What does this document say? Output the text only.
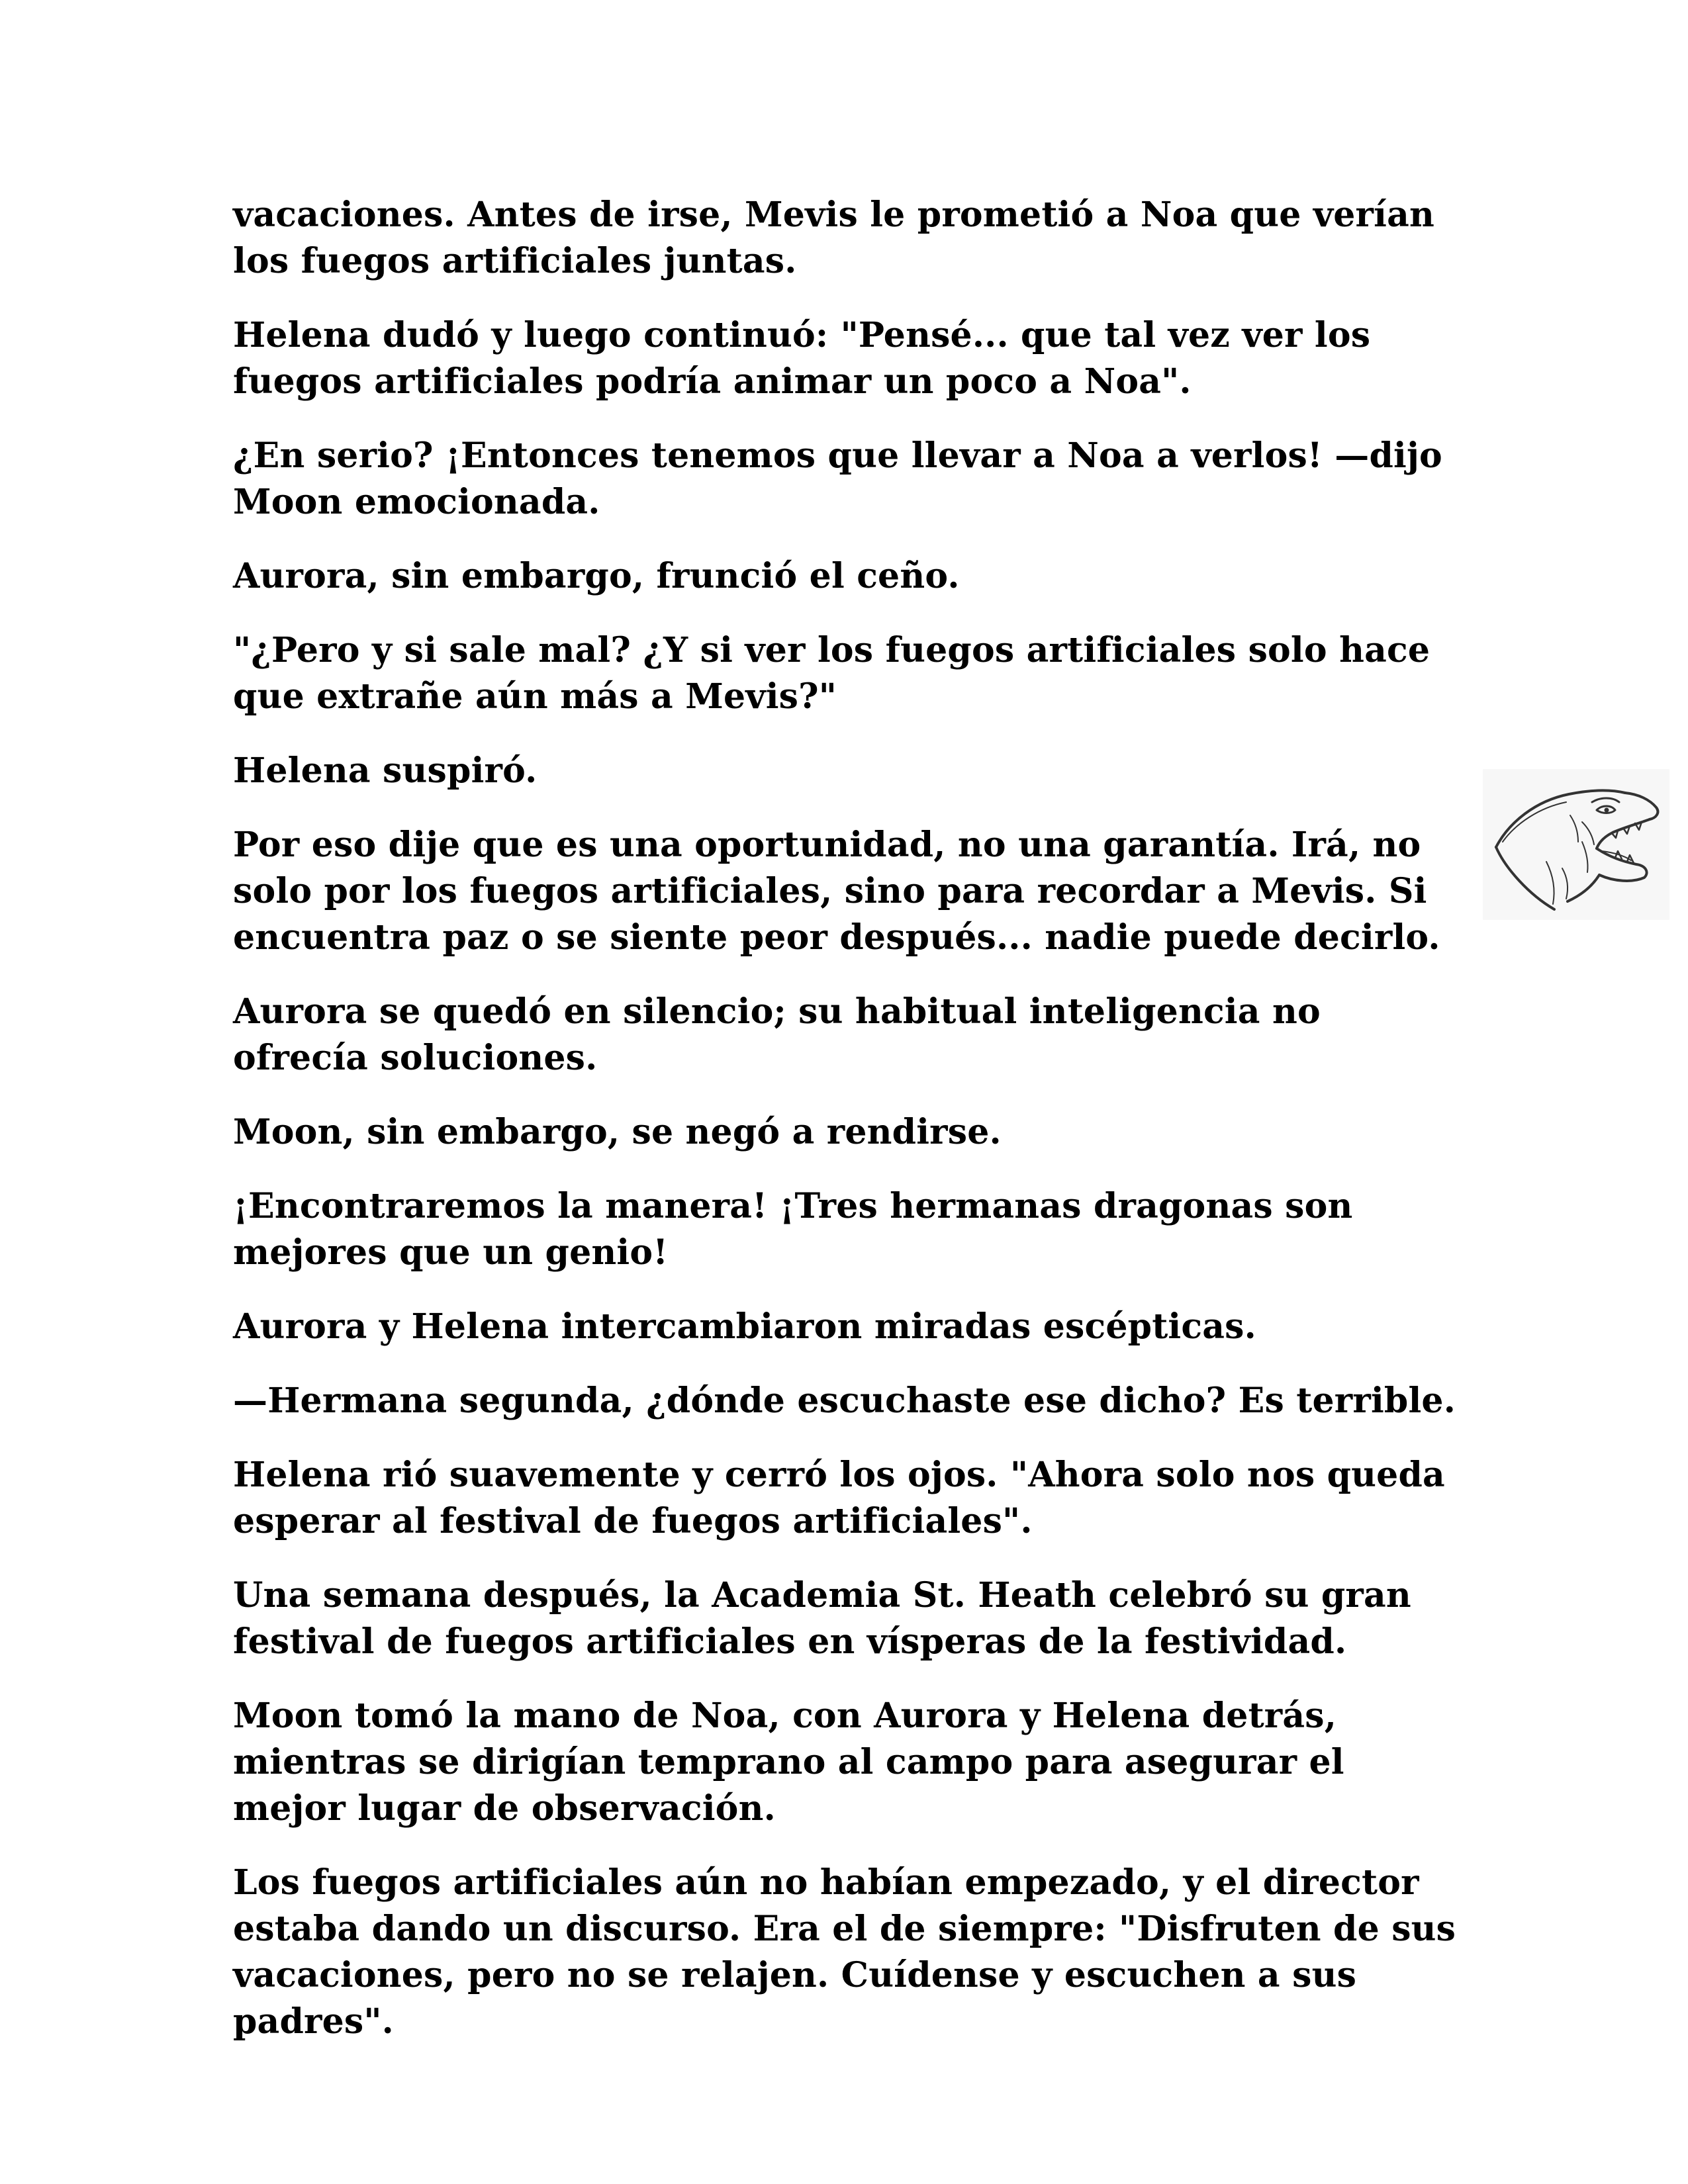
vacaciones. Antes de irse, Mevis le prometió a Noa que verían los fuegos artificiales juntas.

Helena dudó y luego continuó: "Pensé... que tal vez ver los fuegos artificiales podría animar un poco a Noa".

¿En serio? ¡Entonces tenemos que llevar a Noa a verlos! —dijo Moon emocionada.

Aurora, sin embargo, frunció el ceño.

"¿Pero y si sale mal? ¿Y si ver los fuegos artificiales solo hace que extrañe aún más a Mevis?"

Helena suspiró.

Por eso dije que es una oportunidad, no una garantía. Irá, no solo por los fuegos artificiales, sino para recordar a Mevis. Si encuentra paz o se siente peor después... nadie puede decirlo.

Aurora se quedó en silencio; su habitual inteligencia no ofrecía soluciones.

Moon, sin embargo, se negó a rendirse.

¡Encontraremos la manera! ¡Tres hermanas dragonas son mejores que un genio!

Aurora y Helena intercambiaron miradas escépticas.

—Hermana segunda, ¿dónde escuchaste ese dicho? Es terrible.

Helena rió suavemente y cerró los ojos. "Ahora solo nos queda esperar al festival de fuegos artificiales".

Una semana después, la Academia St. Heath celebró su gran festival de fuegos artificiales en vísperas de la festividad.

Moon tomó la mano de Noa, con Aurora y Helena detrás, mientras se dirigían temprano al campo para asegurar el mejor lugar de observación.

Los fuegos artificiales aún no habían empezado, y el director estaba dando un discurso. Era el de siempre: "Disfruten de sus vacaciones, pero no se relajen. Cuídense y escuchen a sus padres".
